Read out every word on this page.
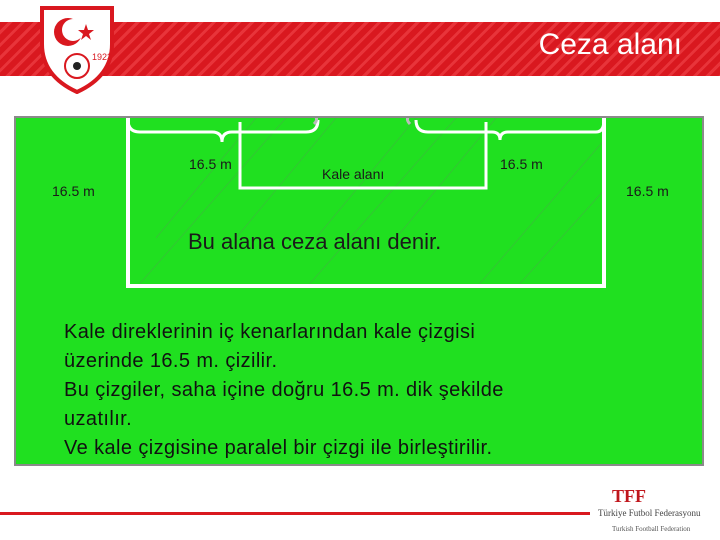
1923	Ceza alanı
16.5 m
Kale alanı
16.5 m
16.5 m	16.5 m
Bu alana ceza alanı denir.
Kale direklerinin iç kenarlarından kale çizgisi
üzerinde 16.5 m. çizilir.
Bu çizgiler, saha içine doğru 16.5 m. dik şekilde
uzatılır.
Ve kale çizgisine paralel bir çizgi ile birleştirilir.
TFF
Türkiye Futbol Federasyonu
Turkish Football Federation
